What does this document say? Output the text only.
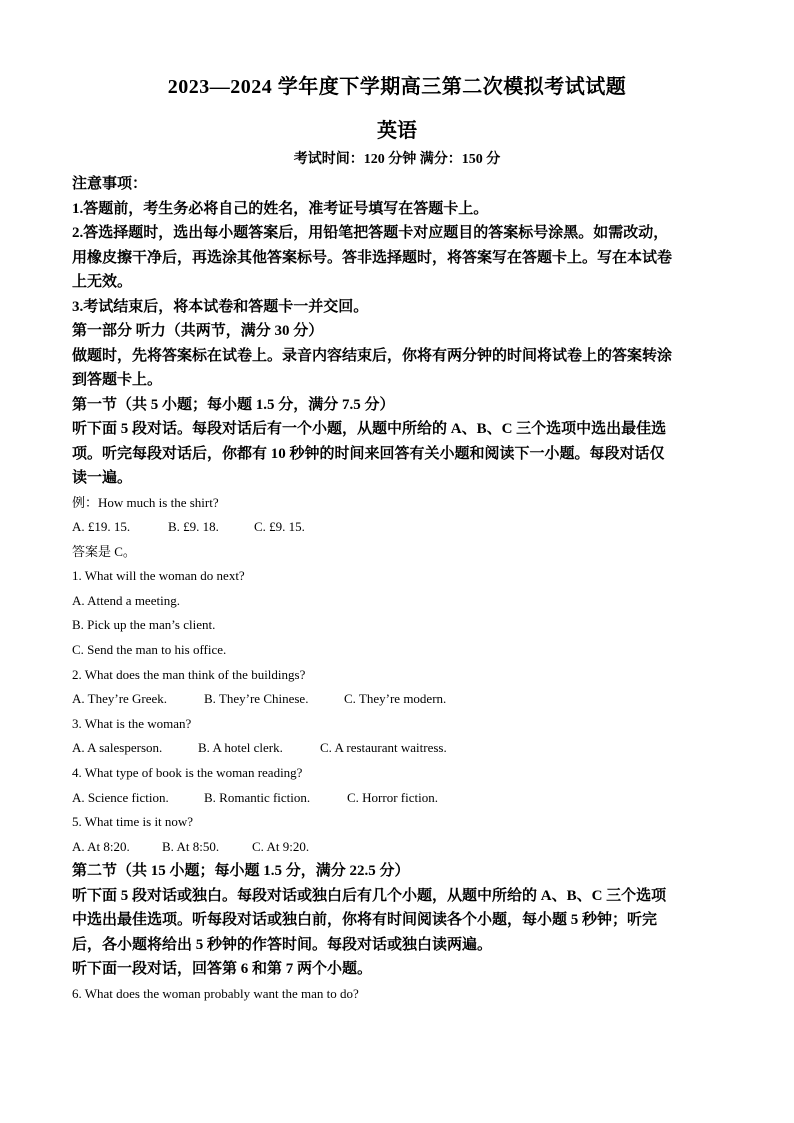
2023—2024 学年度下学期高三第二次模拟考试试题
英语
考试时间：120 分钟 满分：150 分

注意事项：

1.答题前，考生务必将自己的姓名，准考证号填写在答题卡上。

2.答选择题时，选出每小题答案后，用铅笔把答题卡对应题目的答案标号涂黑。如需改动，

用橡皮擦干净后，再选涂其他答案标号。答非选择题时，将答案写在答题卡上。写在本试卷

上无效。

3.考试结束后，将本试卷和答题卡一并交回。

第一部分 听力（共两节，满分 30 分）

做题时，先将答案标在试卷上。录音内容结束后，你将有两分钟的时间将试卷上的答案转涂

到答题卡上。

第一节（共 5 小题；每小题 1.5 分，满分 7.5 分）

听下面 5 段对话。每段对话后有一个小题，从题中所给的 A、B、C 三个选项中选出最佳选

项。听完每段对话后，你都有 10 秒钟的时间来回答有关小题和阅读下一小题。每段对话仅

读一遍。

例：How much is the shirt?

A. £19. 15.	B. £9. 18.	C. £9. 15.

答案是 C。

1. What will the woman do next?

A. Attend a meeting.

B. Pick up the man’s client.

C. Send the man to his office.

2. What does the man think of the buildings?

A. They’re Greek.	B. They’re Chinese.	C. They’re modern.

3. What is the woman?

A. A salesperson.	B. A hotel clerk.	C. A restaurant waitress.

4. What type of book is the woman reading?

A. Science fiction.	B. Romantic fiction.	C. Horror fiction.

5. What time is it now?

A. At 8:20. B. At 8:50.	C. At 9:20.

第二节（共 15 小题；每小题 1.5 分，满分 22.5 分）

听下面 5 段对话或独白。每段对话或独白后有几个小题，从题中所给的 A、B、C 三个选项

中选出最佳选项。听每段对话或独白前，你将有时间阅读各个小题，每小题 5 秒钟；听完

后，各小题将给出 5 秒钟的作答时间。每段对话或独白读两遍。

听下面一段对话，回答第 6 和第 7 两个小题。

6. What does the woman probably want the man to do?
